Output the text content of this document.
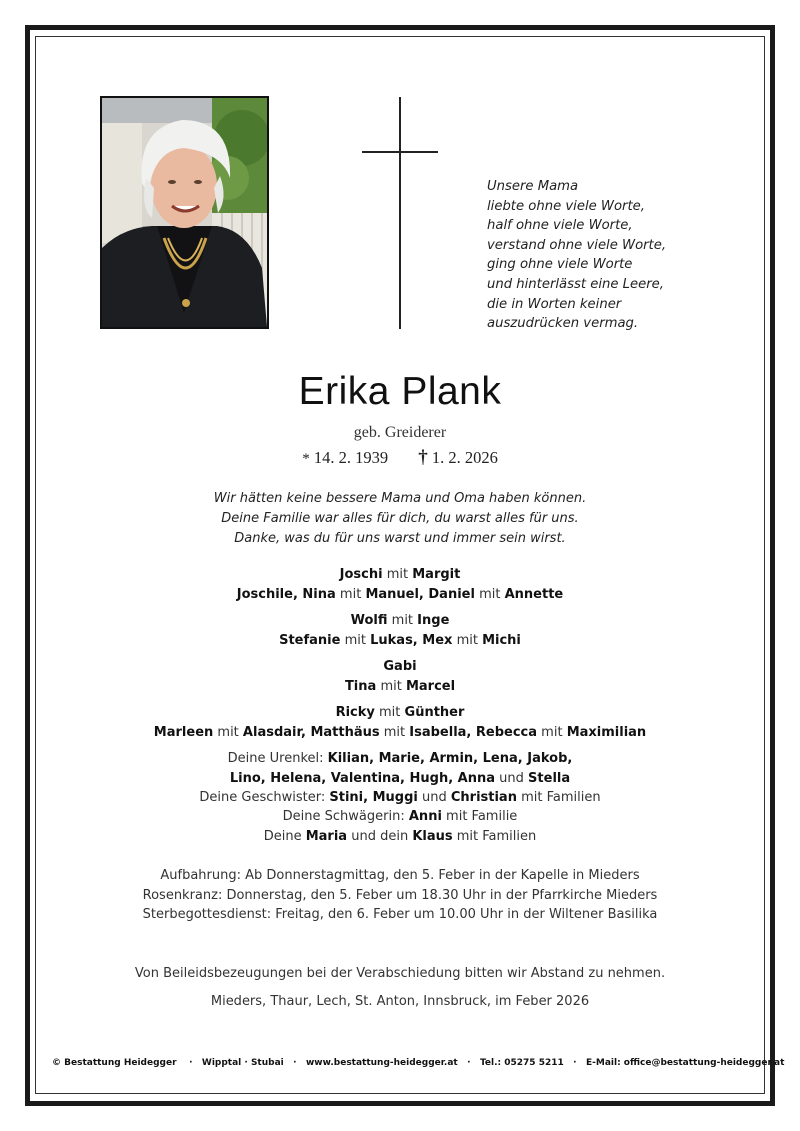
Unsere Mama
liebte ohne viele Worte,
half ohne viele Worte,
verstand ohne viele Worte,
ging ohne viele Worte
und hinterlässt eine Leere,
die in Worten keiner
auszudrücken vermag.
Erika Plank
geb. Greiderer
* 14. 2. 1939 † 1. 2. 2026
Wir hätten keine bessere Mama und Oma haben können.
Deine Familie war alles für dich, du warst alles für uns.
Danke, was du für uns warst und immer sein wirst.
Joschi mit Margit
Joschile, Nina mit Manuel, Daniel mit Annette
Wolfi mit Inge
Stefanie mit Lukas, Mex mit Michi
Gabi
Tina mit Marcel
Ricky mit Günther
Marleen mit Alasdair, Matthäus mit Isabella, Rebecca mit Maximilian
Deine Urenkel: Kilian, Marie, Armin, Lena, Jakob,
Lino, Helena, Valentina, Hugh, Anna und Stella
Deine Geschwister: Stini, Muggi und Christian mit Familien
Deine Schwägerin: Anni mit Familie
Deine Maria und dein Klaus mit Familien
Aufbahrung: Ab Donnerstagmittag, den 5. Feber in der Kapelle in Mieders
Rosenkranz: Donnerstag, den 5. Feber um 18.30 Uhr in der Pfarrkirche Mieders
Sterbegottesdienst: Freitag, den 6. Feber um 10.00 Uhr in der Wiltener Basilika
Von Beileidsbezeugungen bei der Verabschiedung bitten wir Abstand zu nehmen.
Mieders, Thaur, Lech, St. Anton, Innsbruck, im Feber 2026
© Bestattung Heidegger · Wipptal · Stubai · www.bestattung-heidegger.at · Tel.: 05275 5211 · E-Mail: office@bestattung-heidegger.at
